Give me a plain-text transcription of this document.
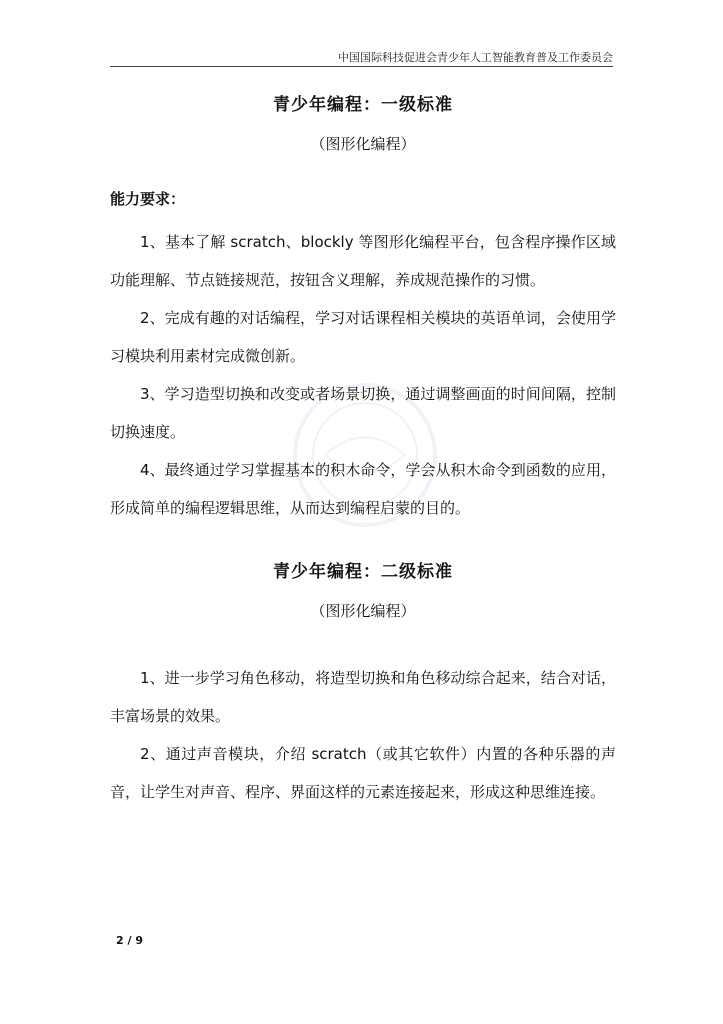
中国国际科技促进会青少年人工智能教育普及工作委员会
青少年编程：一级标准
（图形化编程）
能力要求：

1、基本了解 scratch、blockly 等图形化编程平台，包含程序操作区域功能理解、节点链接规范，按钮含义理解，养成规范操作的习惯。

2、完成有趣的对话编程，学习对话课程相关模块的英语单词，会使用学习模块利用素材完成微创新。

3、学习造型切换和改变或者场景切换，通过调整画面的时间间隔，控制切换速度。

4、最终通过学习掌握基本的积木命令，学会从积木命令到函数的应用，形成简单的编程逻辑思维，从而达到编程启蒙的目的。

青少年编程：二级标准
（图形化编程）

1、进一步学习角色移动，将造型切换和角色移动综合起来，结合对话，丰富场景的效果。

2、通过声音模块，介绍 scratch（或其它软件）内置的各种乐器的声音，让学生对声音、程序、界面这样的元素连接起来，形成这种思维连接。

2 / 9
